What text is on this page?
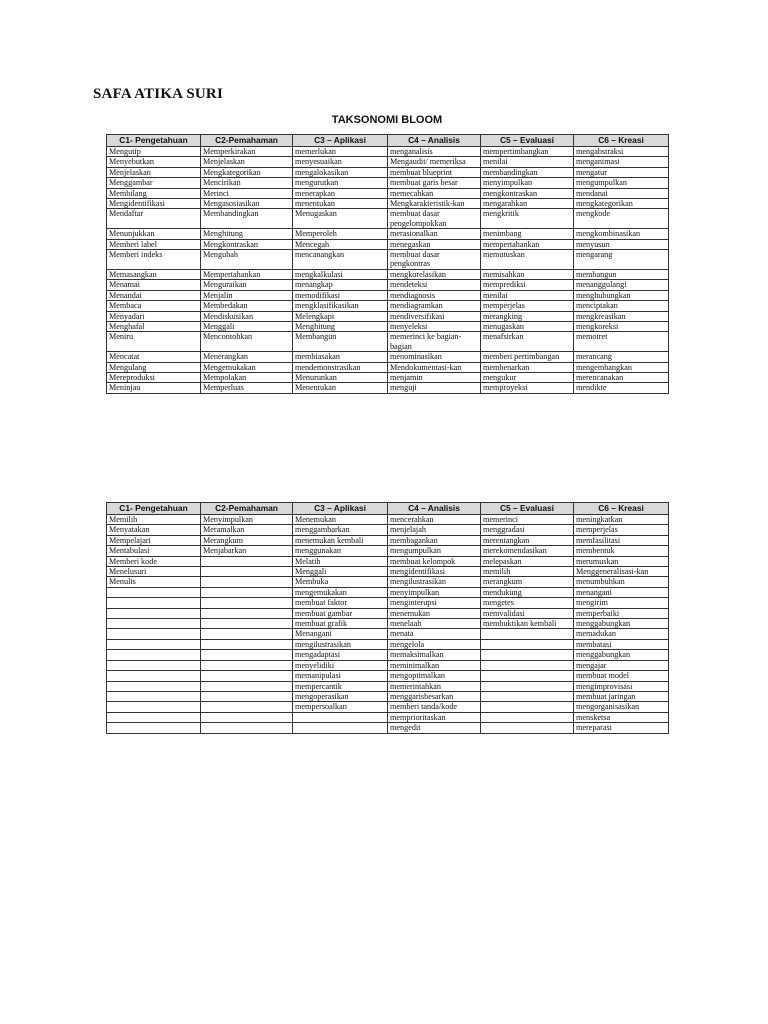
SAFA ATIKA SURI
TAKSONOMI BLOOM
C1- Pengetahuan	C2-Pemahaman	C3 – Aplikasi	C4 – Analisis	C5 – Evaluasi	C6 – Kreasi
Mengutip	Memperkirakan	memerlukan	menganalisis	mempertimbangkan	mengabstraksi
Menyebutkan	Menjelaskan	menyesuaikan	Mengaudit/ memeriksa	menilai	menganimasi
Menjelaskan	Mengkategorikan	mengalokasikan	membuat blueprint	membandingkan	mengatur
Menggambar	Mencirikan	mengurutkan	membuat garis besar	menyimpulkan	mengumpulkan
Membilang	Merinci	menerapkan	memecahkan	mengkontraskan	mendanai
Mengidentifikasi	Mengasosiasikan	menentukan	Mengkarakteristik-kan	mengarahkan	mengkategorikan
Mendaftar	Membandingkan	Menugaskan	membuat dasar pengelompokkan	mengkritik	mengkode
Menunjukkan	Menghitung	Memperoleh	merasionalkan	menimbang	mengkombinasikan
Memberi label	Mengkontraskan	Mencegah	menegaskan	mempertahankan	menyusun
Memberi indeks	Mengubah	mencanangkan	membuat dasar pengkontras	memutuskan	mengarang
Memasangkan	Mempertahankan	mengkalkulasi	mengkorelasikan	memisahkan	membangun
Menamai	Menguraikan	menangkap	mendeteksi	memprediksi	menanggulangi
Menandai	Menjalin	memodifikasi	mendiagnosis	menilai	menghubungkan
Membaca	Membedakan	mengklasifikasikan	mendiagramkan	memperjelas	menciptakan
Menyadari	Mendiskusikan	Melengkapi	mendiversifikasi	merangking	mengkreasikan
Menghafal	Menggali	Menghitung	menyeleksi	menugaskan	mengkoreksi
Meniru	Mencontohkan	Membangun	memerinci ke bagian-bagian	menafsirkan	memotret
Mencatat	Menerangkan	membiasakan	menominasikan	memberi pertimbangan	merancang
Mengulang	Mengemukakan	mendemonstrasikan	Mendokumentasi-kan	membenarkan	mengembangkan
Mereproduksi	Mempolakan	Menurunkan	menjamin	mengukur	merencanakan
Meninjau	Memperluas	Menentukan	menguji	memproyeksi	mendikte
C1- Pengetahuan	C2-Pemahaman	C3 – Aplikasi	C4 – Analisis	C5 – Evaluasi	C6 – Kreasi
Memilih	Menyimpulkan	Menemukan	mencerahkan	memerinci	meningkatkan
Menyatakan	Meramalkan	menggambarkan	menjelajah	menggradasi	memperjelas
Mempelajari	Merangkum	menemukan kembali	membagankan	merentangkan	memfasilitasi
Mentabulasi	Menjabarkan	menggunakan	mengumpulkan	merekomendasikan	membentuk
Memberi kode		Melatih	membuat kelompok	melepaskan	merumuskan
Menelusuri		Menggali	mengidentifikasi	memilih	Menggeneralisasi-kan
Menulis		Membuka	mengilustrasikan	merangkum	menumbuhkan
		mengemukakan	menyimpulkan	mendukung	menangani
		membuat faktor	menginterupsi	mengetes	mengirim
		membuat gambar	menemukan	memvalidasi	memperbaiki
		membuat grafik	menelaah	membuktikan kembali	menggabungkan
		Menangani	menata		memadukan
		mengilustrasikan	mengelola		membatasi
		mengadaptasi	memaksimalkan		menggabungkan
		menyelidiki	meminimalkan		mengajar
		memanipulasi	mengoptimalkan		membuat model
		mempercantik	memerintahkan		mengimprovisasi
		mengoperasikan	menggarisbesarkan		membuat jaringan
		mempersoalkan	memberi tanda/kode		mengorganisasikan
			memprioritaskan		mensketsa
			mengedit		mereparasi
